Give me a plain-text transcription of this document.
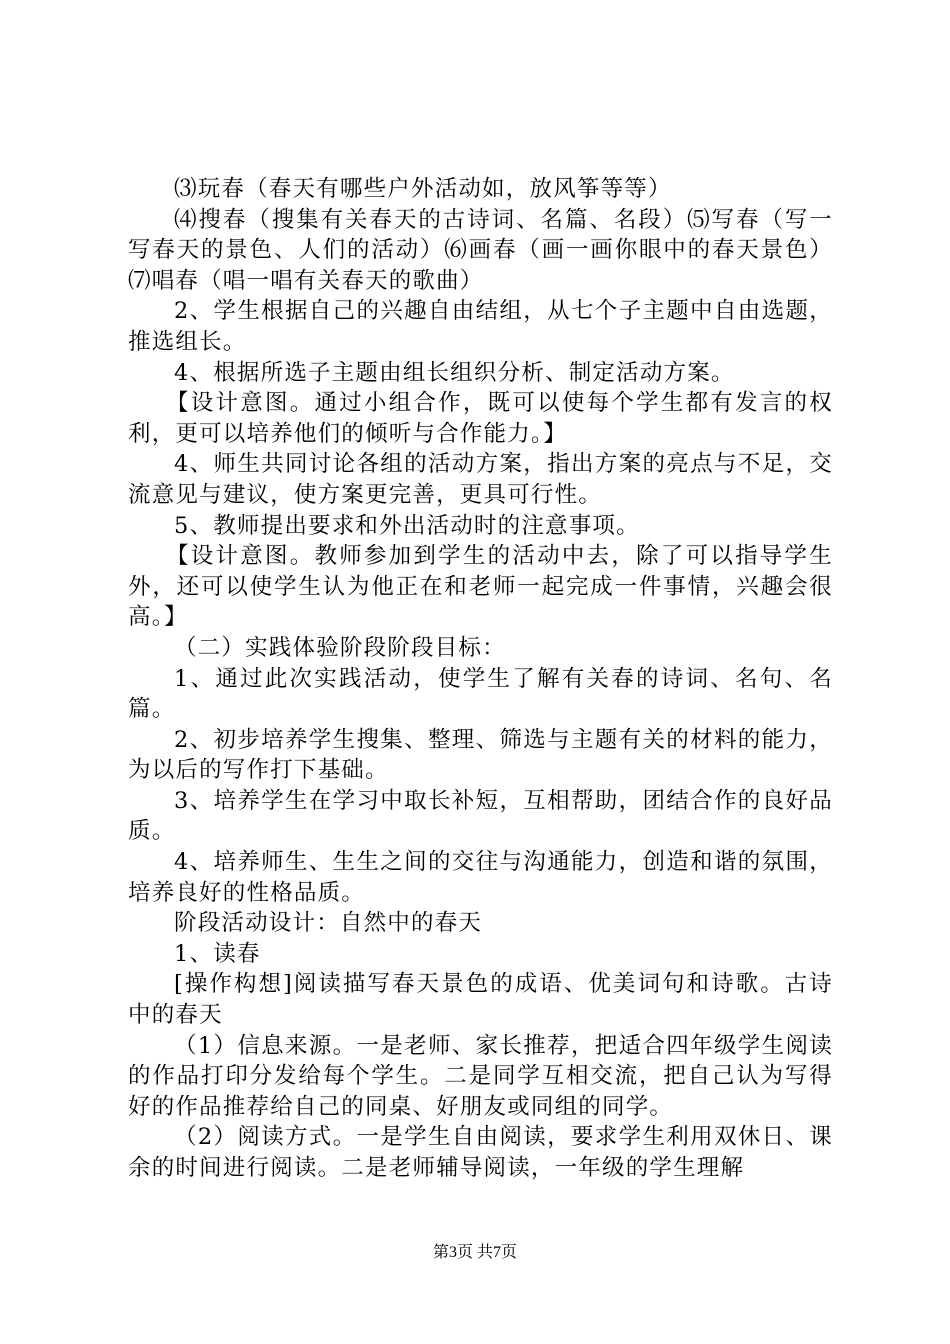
⑶玩春（春天有哪些户外活动如，放风筝等等）

⑷搜春（搜集有关春天的古诗词、名篇、名段）⑸写春（写一写春天的景色、人们的活动）⑹画春（画一画你眼中的春天景色）⑺唱春（唱一唱有关春天的歌曲）

2、学生根据自己的兴趣自由结组，从七个子主题中自由选题，推选组长。

4、根据所选子主题由组长组织分析、制定活动方案。

【设计意图。通过小组合作，既可以使每个学生都有发言的权利，更可以培养他们的倾听与合作能力。】

4、师生共同讨论各组的活动方案，指出方案的亮点与不足，交流意见与建议，使方案更完善，更具可行性。

5、教师提出要求和外出活动时的注意事项。

【设计意图。教师参加到学生的活动中去，除了可以指导学生外，还可以使学生认为他正在和老师一起完成一件事情，兴趣会很高。】

（二）实践体验阶段阶段目标：

1、通过此次实践活动，使学生了解有关春的诗词、名句、名篇。

2、初步培养学生搜集、整理、筛选与主题有关的材料的能力，为以后的写作打下基础。

3、培养学生在学习中取长补短，互相帮助，团结合作的良好品质。

4、培养师生、生生之间的交往与沟通能力，创造和谐的氛围，培养良好的性格品质。

阶段活动设计：自然中的春天

1、读春

[操作构想]阅读描写春天景色的成语、优美词句和诗歌。古诗中的春天

（1）信息来源。一是老师、家长推荐，把适合四年级学生阅读的作品打印分发给每个学生。二是同学互相交流，把自己认为写得好的作品推荐给自己的同桌、好朋友或同组的同学。

（2）阅读方式。一是学生自由阅读，要求学生利用双休日、课余的时间进行阅读。二是老师辅导阅读，一年级的学生理解

第3页 共7页
